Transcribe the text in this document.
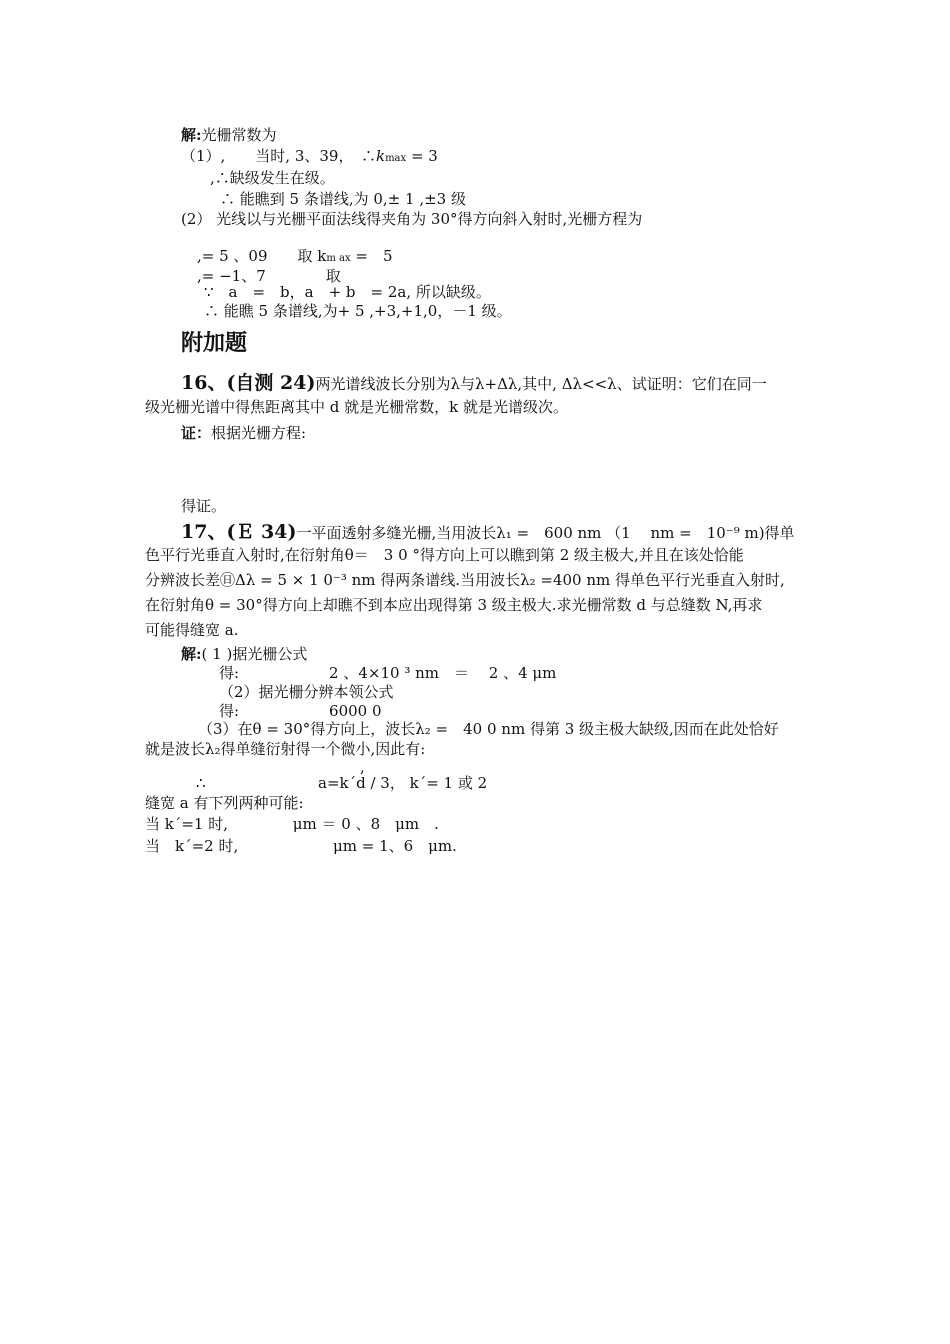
解:光栅常数为
（1）,　　当时, 3、39，　∴kmax = 3
,∴缺级发生在级。
∴ 能瞧到 5 条谱线,为 0,± 1 ,±3 级
(2） 光线以与光栅平面法线得夹角为 30°得方向斜入射时,光栅方程为
,= 5 、09　　取 km ax =　5
,= −1、7　　　　取
∵　a　=　b，a　+ b　= 2a, 所以缺级。
∴ 能瞧 5 条谱线,为+ 5 ,+3,+1,0，－1 级。
附加题
16、(自测 24)两光谱线波长分别为λ与λ+Δλ,其中, Δλ<<λ、试证明：它们在同一
级光栅光谱中得焦距离其中 d 就是光栅常数，k 就是光谱级次。
证：根据光栅方程:
得证。
17、(Ｅ 34)一平面透射多缝光栅,当用波长λ₁ =　600 nm （1　 nm =　10⁻⁹ m)得单
色平行光垂直入射时,在衍射角θ＝　3 0 °得方向上可以瞧到第 2 级主极大,并且在该处恰能
分辨波长差㊐Δλ = 5 × 1 0⁻³ nm 得两条谱线.当用波长λ₂ =400 nm 得单色平行光垂直入射时,
在衍射角θ = 30°得方向上却瞧不到本应出现得第 3 级主极大.求光栅常数 d 与总缝数 N,再求
可能得缝宽 a.
解:( 1 )据光栅公式
得:　　　　　　2 、4×10 ³ nm　＝　 2 、4 μm
（2）据光栅分辨本领公式
得:　　　　　　6000 0
（3）在θ = 30°得方向上，波长λ₂ =　40 0 nm 得第 3 级主极大缺级,因而在此处恰好
就是波长λ₂得单缝衍射得一个微小,因此有:
,
∴	a=k´d / 3， k´= 1 或 2
缝宽 a 有下列两种可能:
当 k´=1 时,　　　　 μm ＝ 0 、8　μm　.
当　k´=2 时,　　　　　　 μm = 1、6　μm.
